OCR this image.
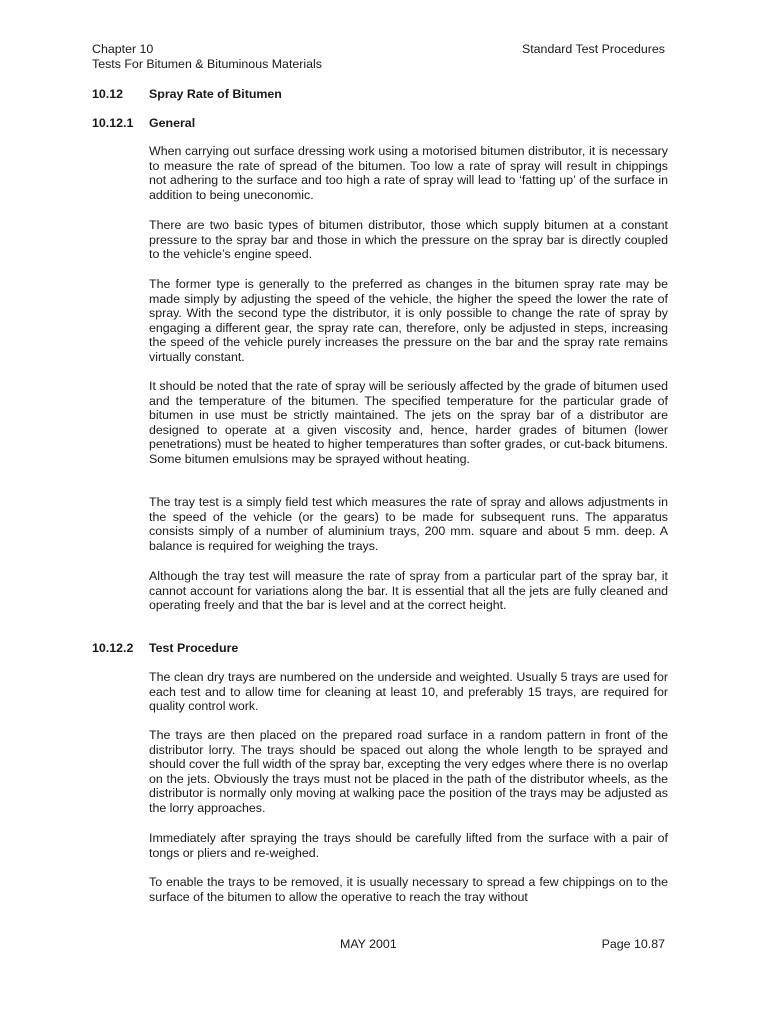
Chapter 10
Tests For Bitumen & Bituminous Materials
Standard Test Procedures
10.12 Spray Rate of Bitumen
10.12.1 General

When carrying out surface dressing work using a motorised bitumen distributor, it is necessary to measure the rate of spread of the bitumen. Too low a rate of spray will result in chippings not adhering to the surface and too high a rate of spray will lead to ‘fatting up’ of the surface in addition to being uneconomic.

There are two basic types of bitumen distributor, those which supply bitumen at a constant pressure to the spray bar and those in which the pressure on the spray bar is directly coupled to the vehicle’s engine speed.

The former type is generally to the preferred as changes in the bitumen spray rate may be made simply by adjusting the speed of the vehicle, the higher the speed the lower the rate of spray. With the second type the distributor, it is only possible to change the rate of spray by engaging a different gear, the spray rate can, therefore, only be adjusted in steps, increasing the speed of the vehicle purely increases the pressure on the bar and the spray rate remains virtually constant.

It should be noted that the rate of spray will be seriously affected by the grade of bitumen used and the temperature of the bitumen. The specified temperature for the particular grade of bitumen in use must be strictly maintained. The jets on the spray bar of a distributor are designed to operate at a given viscosity and, hence, harder grades of bitumen (lower penetrations) must be heated to higher temperatures than softer grades, or cut-back bitumens. Some bitumen emulsions may be sprayed without heating.

The tray test is a simply field test which measures the rate of spray and allows adjustments in the speed of the vehicle (or the gears) to be made for subsequent runs. The apparatus consists simply of a number of aluminium trays, 200 mm. square and about 5 mm. deep. A balance is required for weighing the trays.

Although the tray test will measure the rate of spray from a particular part of the spray bar, it cannot account for variations along the bar. It is essential that all the jets are fully cleaned and operating freely and that the bar is level and at the correct height.

10.12.2 Test Procedure

The clean dry trays are numbered on the underside and weighted. Usually 5 trays are used for each test and to allow time for cleaning at least 10, and preferably 15 trays, are required for quality control work.

The trays are then placed on the prepared road surface in a random pattern in front of the distributor lorry. The trays should be spaced out along the whole length to be sprayed and should cover the full width of the spray bar, excepting the very edges where there is no overlap on the jets. Obviously the trays must not be placed in the path of the distributor wheels, as the distributor is normally only moving at walking pace the position of the trays may be adjusted as the lorry approaches.

Immediately after spraying the trays should be carefully lifted from the surface with a pair of tongs or pliers and re-weighed.

To enable the trays to be removed, it is usually necessary to spread a few chippings on to the surface of the bitumen to allow the operative to reach the tray without

MAY 2001	Page 10.87
